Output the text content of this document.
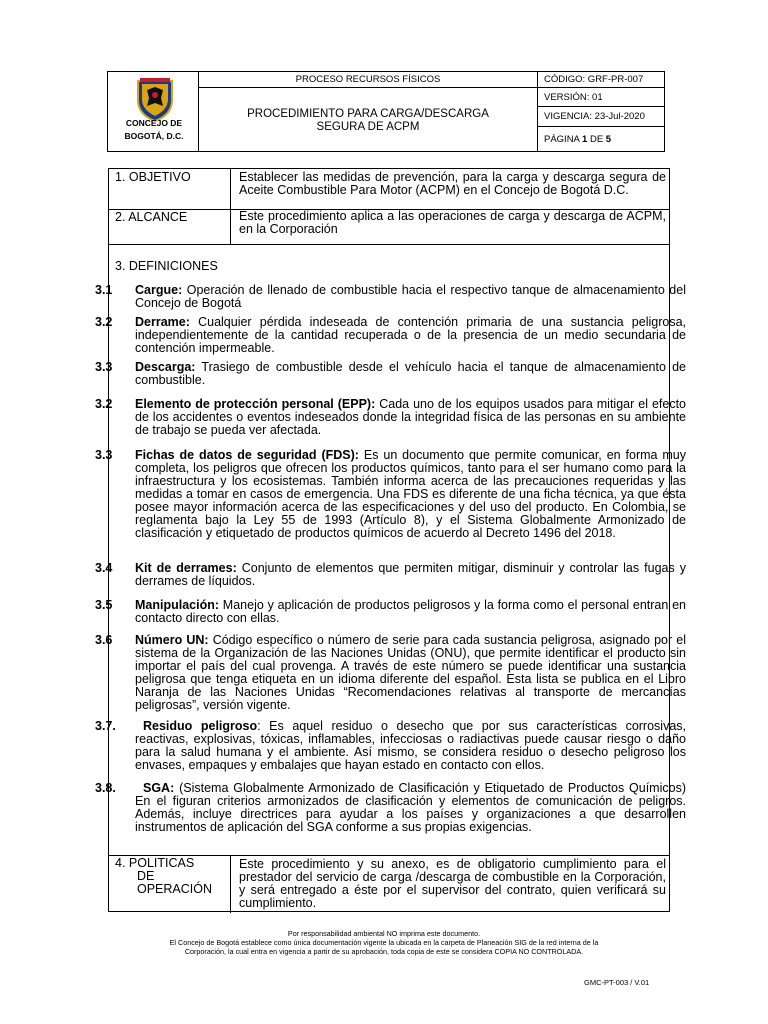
CONCEJO DE
BOGOTÁ, D.C.
PROCESO RECURSOS FÍSICOS
PROCEDIMIENTO PARA CARGA/DESCARGA
SEGURA DE ACPM
CÓDIGO: GRF-PR-007
VERSIÓN: 01
VIGENCIA: 23-Jul-2020
PÁGINA 1 DE 5
1. OBJETIVO	Establecer las medidas de prevención, para la carga y descarga segura de Aceite Combustible Para Motor (ACPM) en el Concejo de Bogotá D.C.
2. ALCANCE	Este procedimiento aplica a las operaciones de carga y descarga de ACPM, en la Corporación
3. DEFINICIONES
3.1 Cargue: Operación de llenado de combustible hacia el respectivo tanque de almacenamiento del Concejo de Bogotá
3.2 Derrame: Cualquier pérdida indeseada de contención primaria de una sustancia peligrosa, independientemente de la cantidad recuperada o de la presencia de un medio secundaria de contención impermeable.
3.3 Descarga: Trasiego de combustible desde el vehículo hacia el tanque de almacenamiento de combustible.
3.2 Elemento de protección personal (EPP): Cada uno de los equipos usados para mitigar el efecto de los accidentes o eventos indeseados donde la integridad física de las personas en su ambiente de trabajo se pueda ver afectada.
3.3 Fichas de datos de seguridad (FDS): Es un documento que permite comunicar, en forma muy completa, los peligros que ofrecen los productos químicos, tanto para el ser humano como para la infraestructura y los ecosistemas. También informa acerca de las precauciones requeridas y las medidas a tomar en casos de emergencia. Una FDS es diferente de una ficha técnica, ya que ésta posee mayor información acerca de las especificaciones y del uso del producto. En Colombia, se reglamenta bajo la Ley 55 de 1993 (Artículo 8), y el Sistema Globalmente Armonizado de clasificación y etiquetado de productos químicos de acuerdo al Decreto 1496 del 2018.
3.4 Kit de derrames: Conjunto de elementos que permiten mitigar, disminuir y controlar las fugas y derrames de líquidos.
3.5 Manipulación: Manejo y aplicación de productos peligrosos y la forma como el personal entran en contacto directo con ellas.
3.6 Número UN: Código específico o número de serie para cada sustancia peligrosa, asignado por el sistema de la Organización de las Naciones Unidas (ONU), que permite identificar el producto sin importar el país del cual provenga. A través de este número se puede identificar una sustancia peligrosa que tenga etiqueta en un idioma diferente del español. Esta lista se publica en el Libro Naranja de las Naciones Unidas “Recomendaciones relativas al transporte de mercancías peligrosas”, versión vigente.
3.7. Residuo peligroso: Es aquel residuo o desecho que por sus características corrosivas, reactivas, explosivas, tóxicas, inflamables, infecciosas o radiactivas puede causar riesgo o daño para la salud humana y el ambiente. Así mismo, se considera residuo o desecho peligroso los envases, empaques y embalajes que hayan estado en contacto con ellos.
3.8. SGA: (Sistema Globalmente Armonizado de Clasificación y Etiquetado de Productos Químicos) En el figuran criterios armonizados de clasificación y elementos de comunicación de peligros. Además, incluye directrices para ayudar a los países y organizaciones a que desarrollen instrumentos de aplicación del SGA conforme a sus propias exigencias.
4. POLITICAS
DE
OPERACIÓN
Este procedimiento y su anexo, es de obligatorio cumplimiento para el prestador del servicio de carga /descarga de combustible en la Corporación, y será entregado a éste por el supervisor del contrato, quien verificará su cumplimiento.
Por responsabilidad ambiental NO imprima este documento.
El Concejo de Bogotá establece como única documentación vigente la ubicada en la carpeta de Planeación SIG de la red interna de la
Corporación, la cual entra en vigencia a partir de su aprobación, toda copia de este se considera COPIA NO CONTROLADA.
GMC-PT-003 / V.01
